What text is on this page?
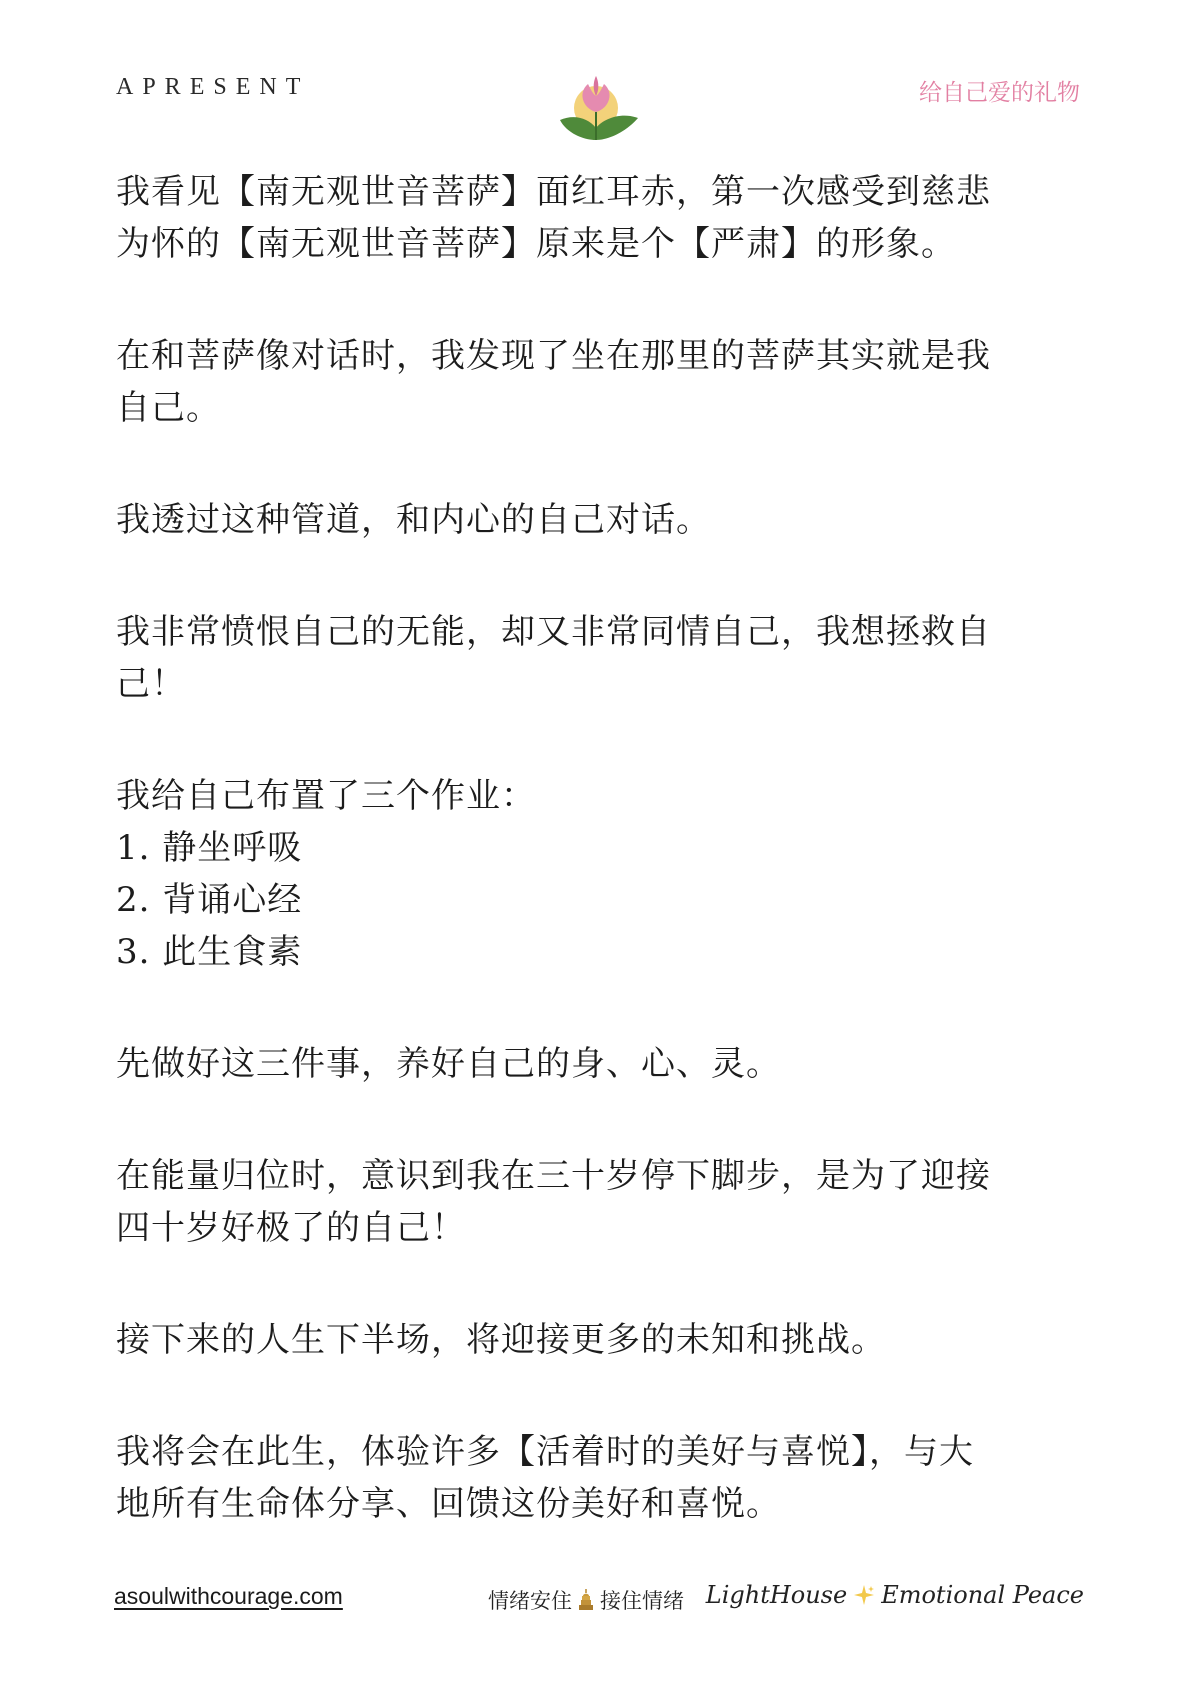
APRESENT	给自己爱的礼物

我看见【南无观世音菩萨】面红耳赤，第一次感受到慈悲
为怀的【南无观世音菩萨】原来是个【严肃】的形象。

在和菩萨像对话时，我发现了坐在那里的菩萨其实就是我
自己。

我透过这种管道，和内心的自己对话。

我非常愤恨自己的无能，却又非常同情自己，我想拯救自
己！

我给自己布置了三个作业：
1. 静坐呼吸
2. 背诵心经
3. 此生食素

先做好这三件事，养好自己的身、心、灵。

在能量归位时，意识到我在三十岁停下脚步，是为了迎接
四十岁好极了的自己！

接下来的人生下半场，将迎接更多的未知和挑战。

我将会在此生，体验许多【活着时的美好与喜悦】，与大
地所有生命体分享、回馈这份美好和喜悦。

asoulwithcourage.com	情绪安住 接住情绪 LightHouse Emotional Peace
